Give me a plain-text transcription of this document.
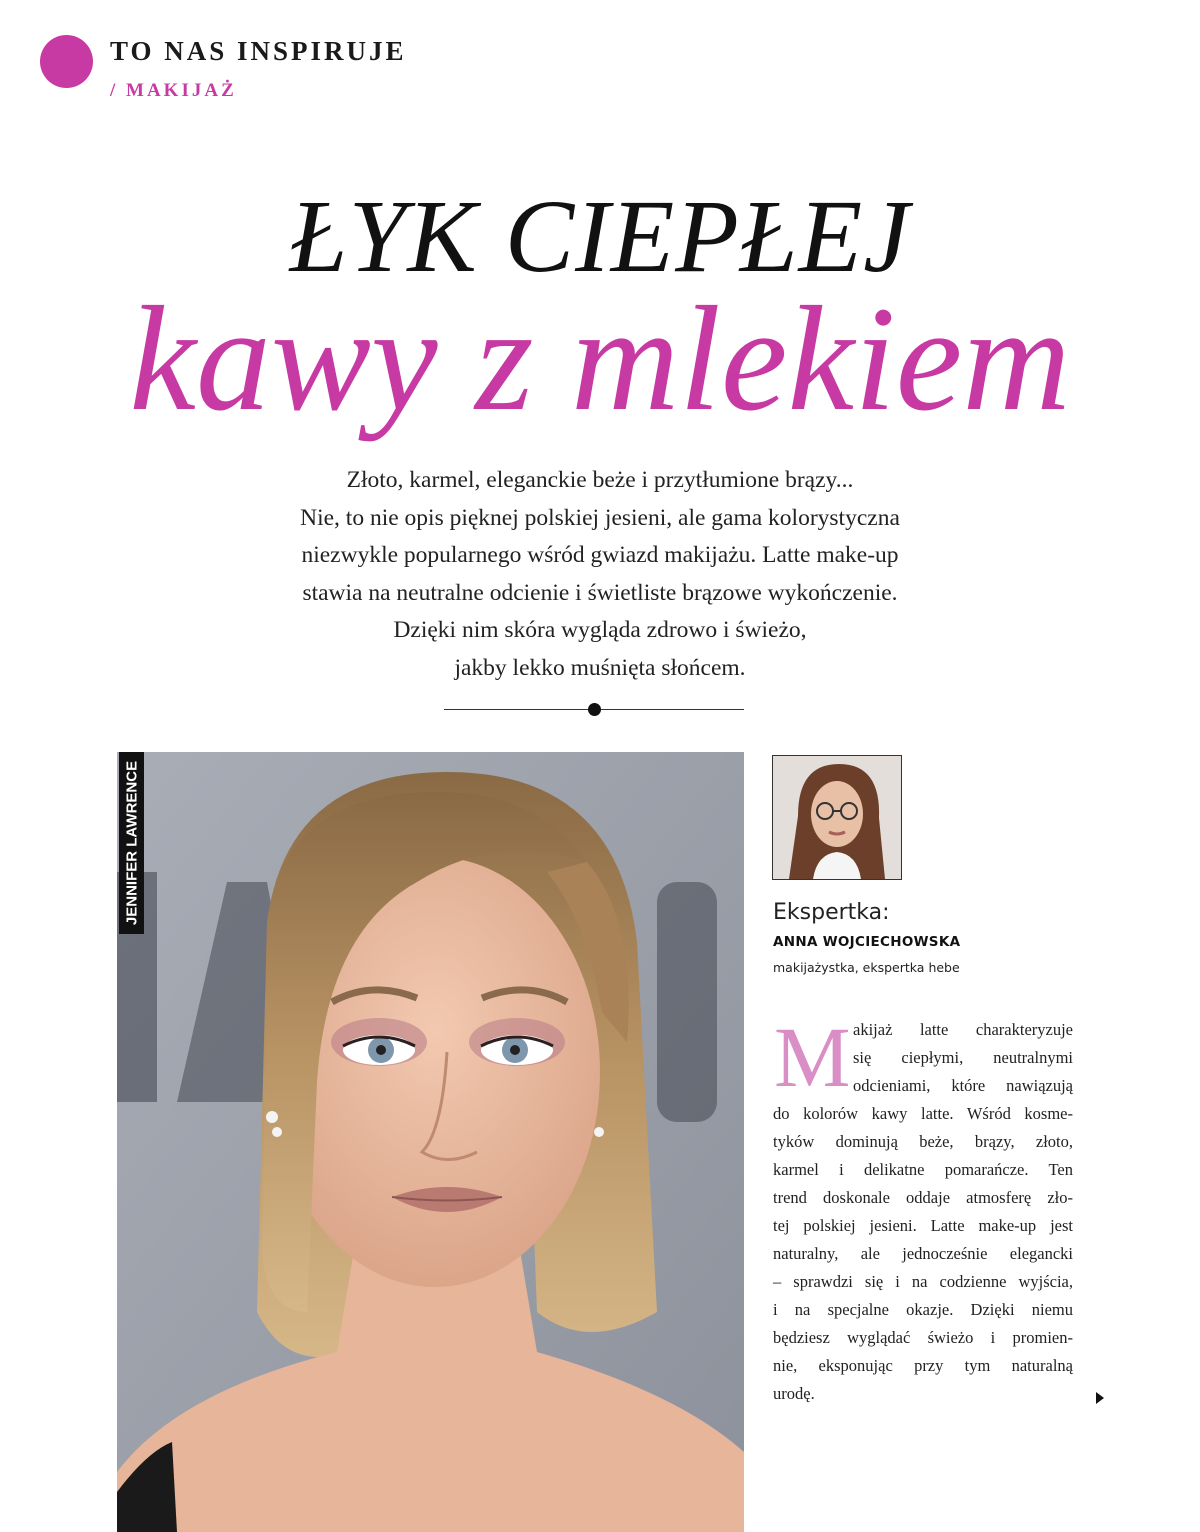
TO NAS INSPIRUJE
/ MAKIJAŻ
ŁYK CIEPŁEJ
kawy z mlekiem
Złoto, karmel, eleganckie beże i przytłumione brązy...
Nie, to nie opis pięknej polskiej jesieni, ale gama kolorystyczna
niezwykle popularnego wśród gwiazd makijażu. Latte make-up
stawia na neutralne odcienie i świetliste brązowe wykończenie.
Dzięki nim skóra wygląda zdrowo i świeżo,
jakby lekko muśnięta słońcem.
JENNIFER LAWRENCE	Ekspertka:
ANNA WOJCIECHOWSKA
makijażystka, ekspertka hebe
M akijaż latte charakteryzuje
się ciepłymi, neutralnymi
odcieniami, które nawiązują
do kolorów kawy latte. Wśród kosme-
tyków dominują beże, brązy, złoto,
karmel i delikatne pomarańcze. Ten
trend doskonale oddaje atmosferę zło-
tej polskiej jesieni. Latte make-up jest
naturalny, ale jednocześnie elegancki
– sprawdzi się i na codzienne wyjścia,
i na specjalne okazje. Dzięki niemu
będziesz wyglądać świeżo i promien-
nie, eksponując przy tym naturalną
urodę.
